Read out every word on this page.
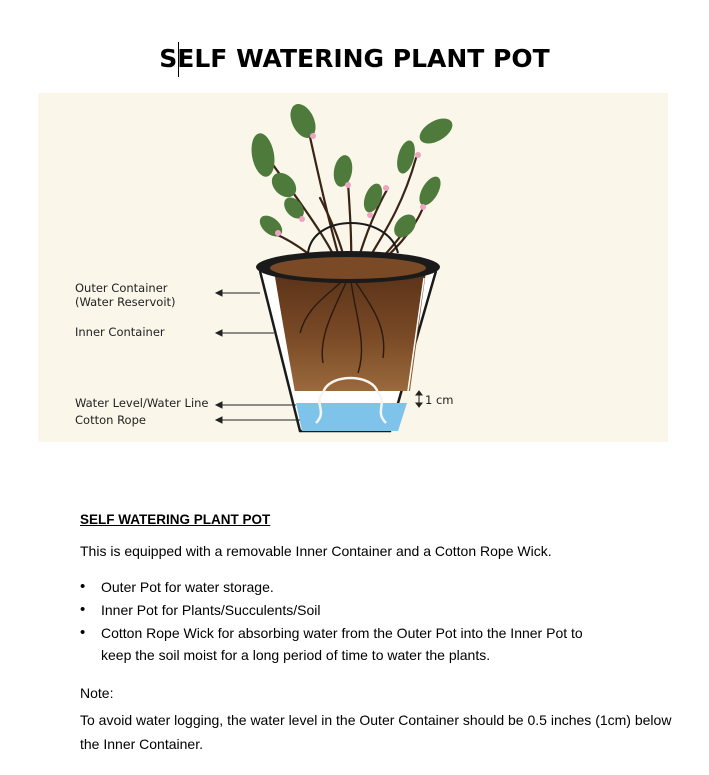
SELF WATERING PLANT POT
Outer Container
(Water Reservoit)
Inner Container
Water Level/Water Line
Cotton Rope
1 cm
SELF WATERING PLANT POT
This is equipped with a removable Inner Container and a Cotton Rope Wick.
• Outer Pot for water storage.
• Inner Pot for Plants/Succulents/Soil
• Cotton Rope Wick for absorbing water from the Outer Pot into the Inner Pot to keep the soil moist for a long period of time to water the plants.
Note:
To avoid water logging, the water level in the Outer Container should be 0.5 inches (1cm) below the Inner Container.
